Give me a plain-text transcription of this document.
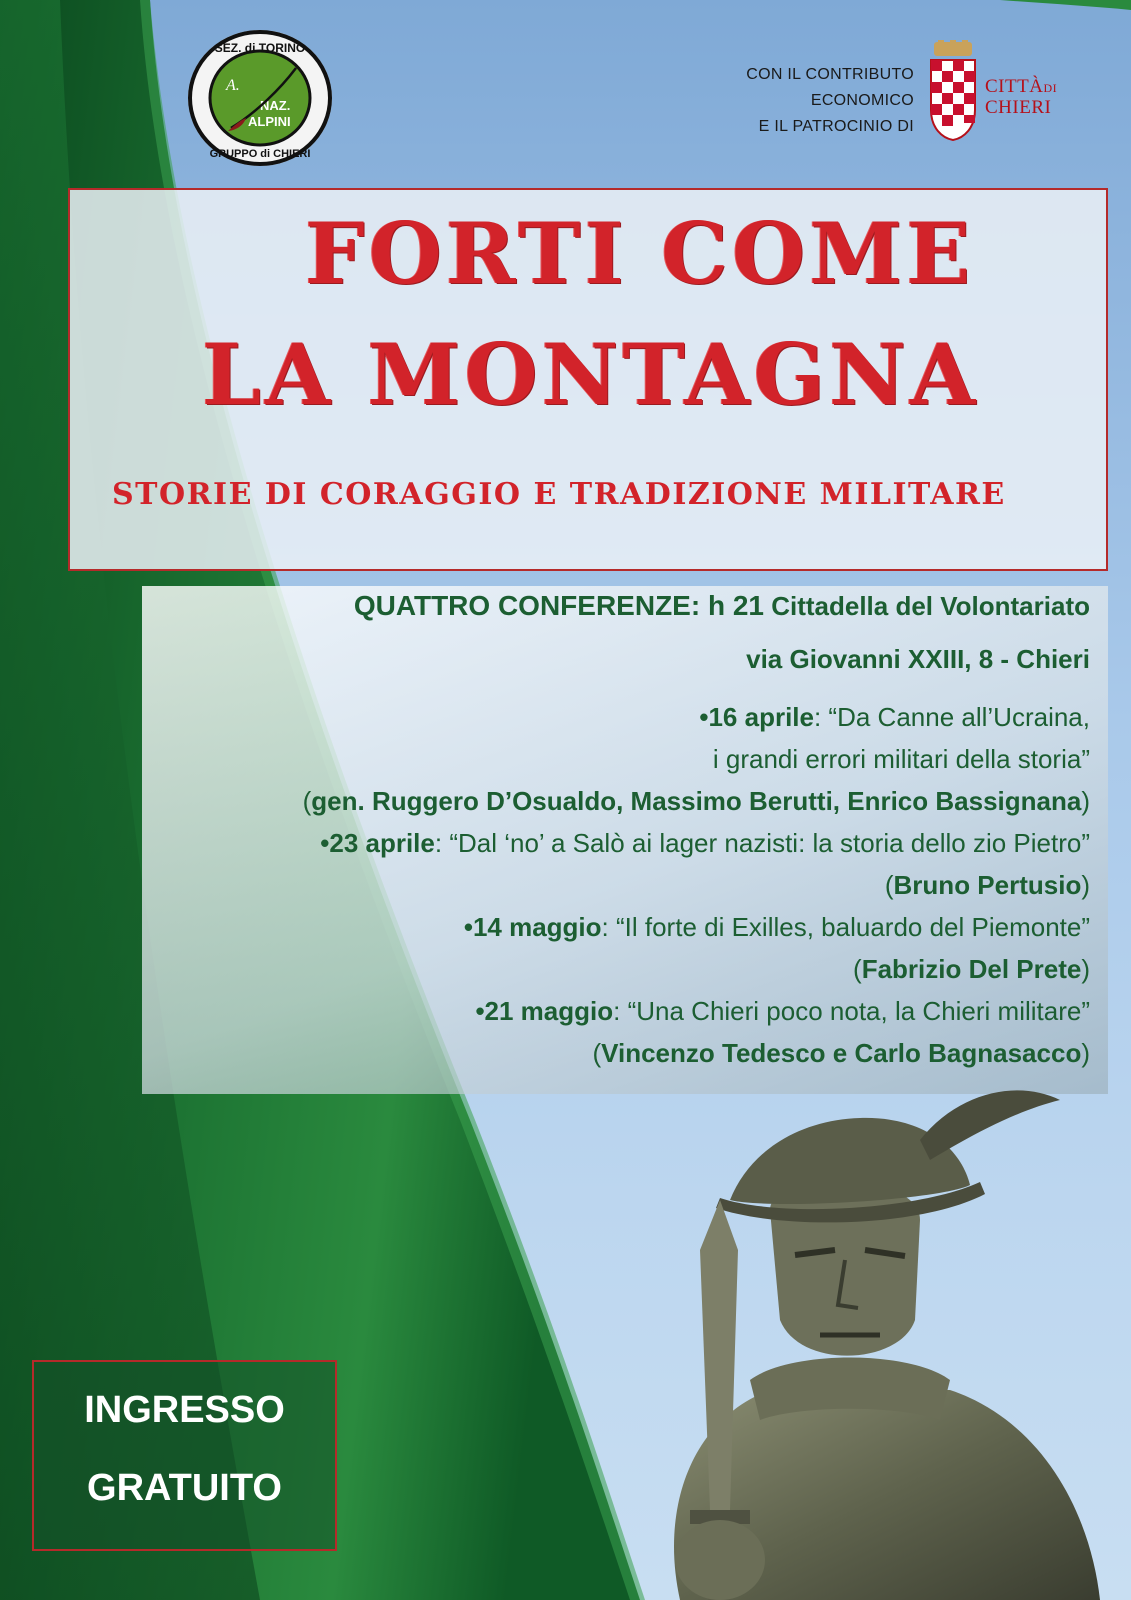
SEZ. di TORINO
GRUPPO di CHIERI
A.
NAZ.
ALPINI
CON IL CONTRIBUTO
ECONOMICO
E IL PATROCINIO DI
CITTÀDI
CHIERI
FORTI COME
LA MONTAGNA
STORIE DI CORAGGIO E TRADIZIONE MILITARE
QUATTRO CONFERENZE: h 21 Cittadella del Volontariato
via Giovanni XXIII, 8 - Chieri
•16 aprile: “Da Canne all’Ucraina,
i grandi errori militari della storia”
(gen. Ruggero D’Osualdo, Massimo Berutti, Enrico Bassignana)
•23 aprile: “Dal ‘no’ a Salò ai lager nazisti: la storia dello zio Pietro”
(Bruno Pertusio)
•14 maggio: “Il forte di Exilles, baluardo del Piemonte”
(Fabrizio Del Prete)
•21 maggio: “Una Chieri poco nota, la Chieri militare”
(Vincenzo Tedesco e Carlo Bagnasacco)
INGRESSO
GRATUITO
